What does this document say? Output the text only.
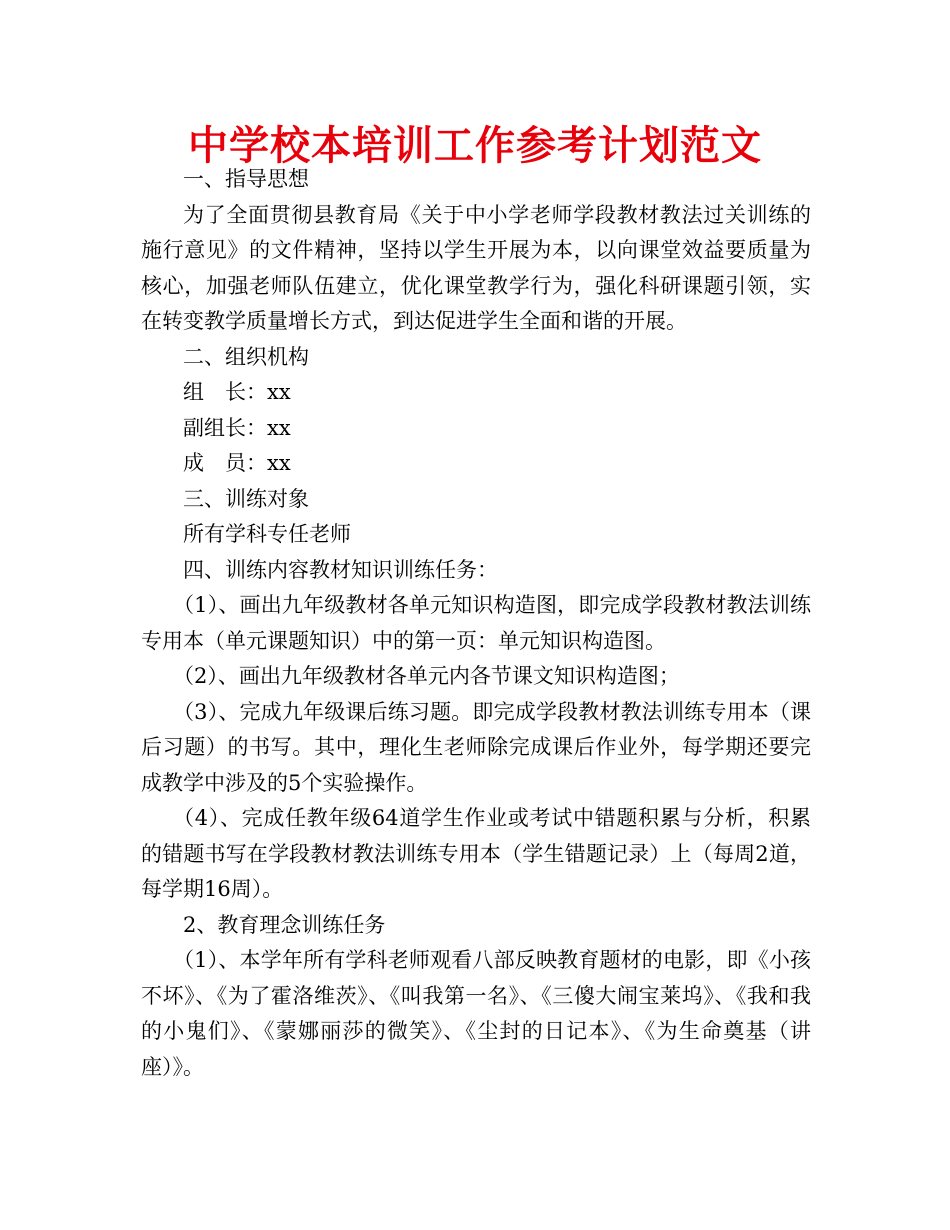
中学校本培训工作参考计划范文

一、指导思想

为了全面贯彻县教育局《关于中小学老师学段教材教法过关训练的施行意见》的文件精神，坚持以学生开展为本，以向课堂效益要质量为核心，加强老师队伍建立，优化课堂教学行为，强化科研课题引领，实在转变教学质量增长方式，到达促进学生全面和谐的开展。

二、组织机构

组　长：xx

副组长：xx

成　员：xx

三、训练对象

所有学科专任老师

四、训练内容教材知识训练任务：

（1）、画出九年级教材各单元知识构造图，即完成学段教材教法训练专用本（单元课题知识）中的第一页：单元知识构造图。

（2）、画出九年级教材各单元内各节课文知识构造图；

（3）、完成九年级课后练习题。即完成学段教材教法训练专用本（课后习题）的书写。其中，理化生老师除完成课后作业外，每学期还要完成教学中涉及的5个实验操作。

（4）、完成任教年级64道学生作业或考试中错题积累与分析，积累的错题书写在学段教材教法训练专用本（学生错题记录）上（每周2道，每学期16周）。

2、教育理念训练任务

（1）、本学年所有学科老师观看八部反映教育题材的电影，即《小孩不坏》、《为了霍洛维茨》、《叫我第一名》、《三傻大闹宝莱坞》、《我和我的小鬼们》、《蒙娜丽莎的微笑》、《尘封的日记本》、《为生命奠基（讲座）》。
